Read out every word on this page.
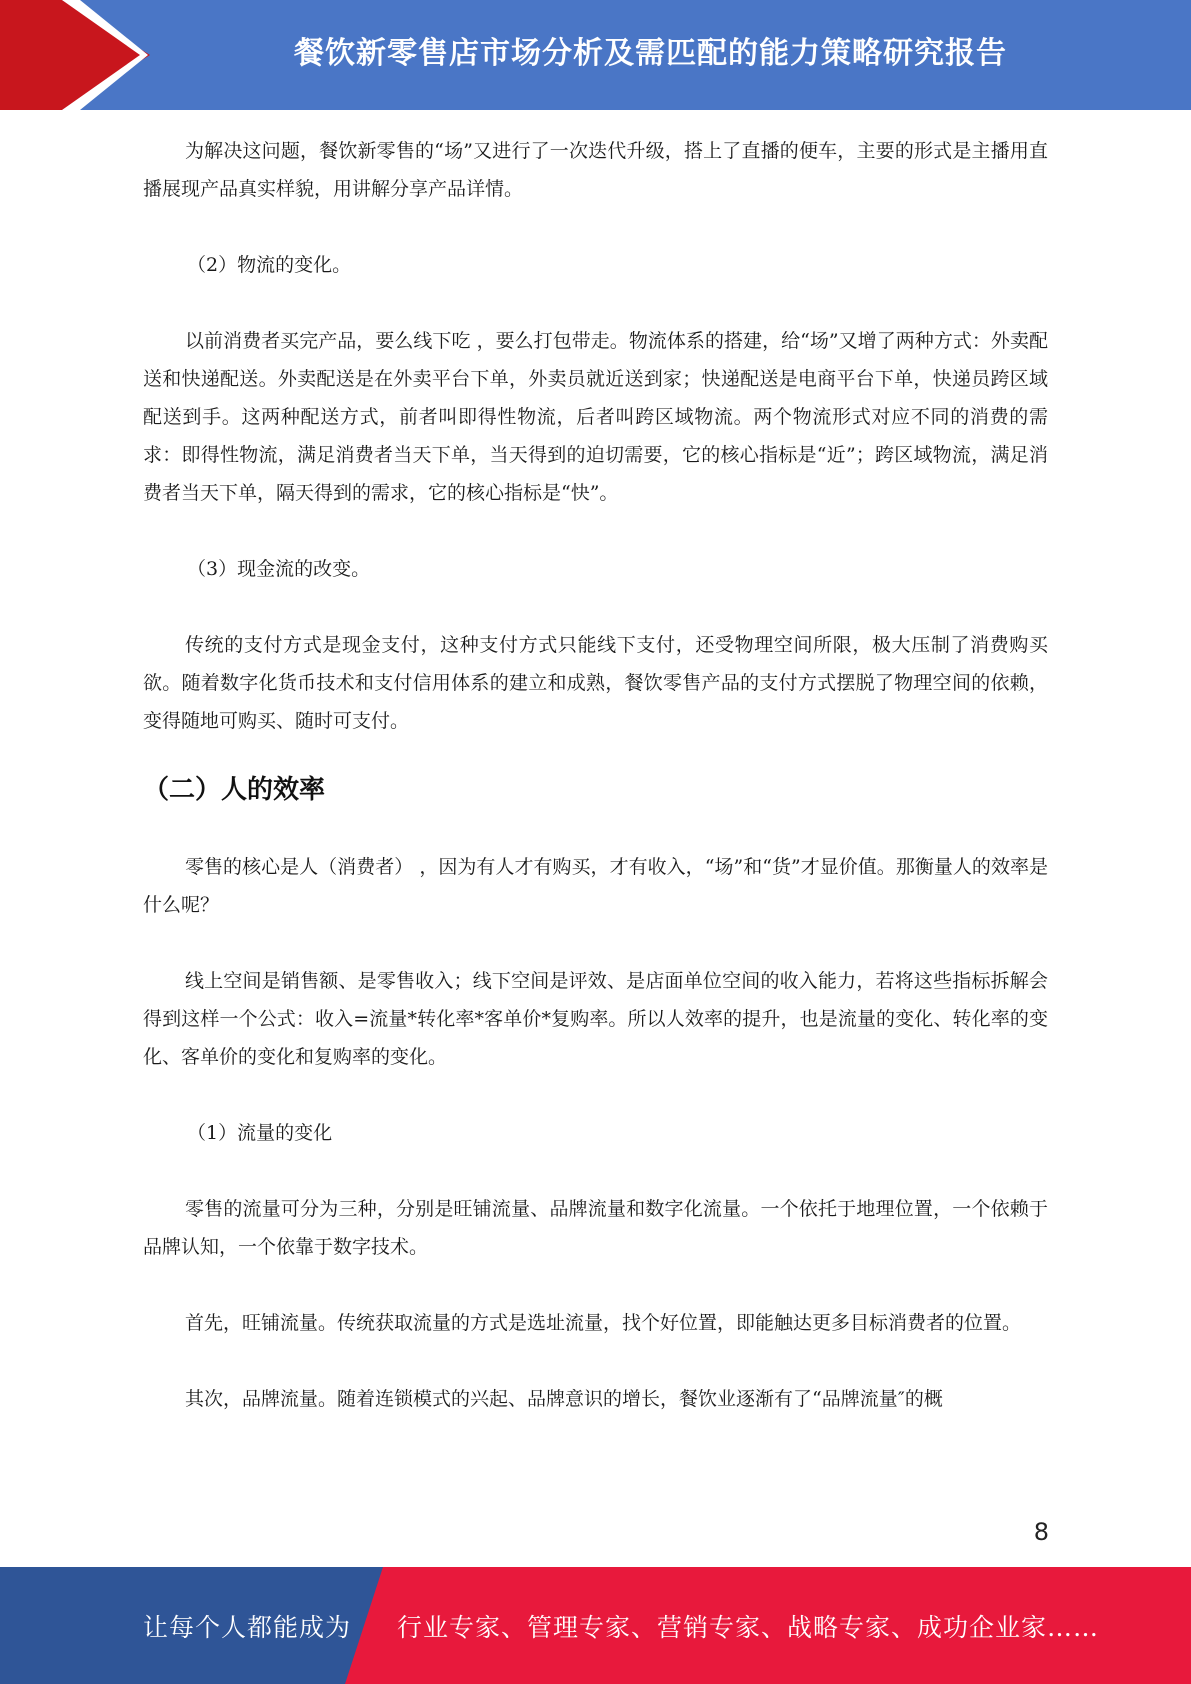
餐饮新零售店市场分析及需匹配的能力策略研究报告

为解决这问题，餐饮新零售的“场”又进行了一次迭代升级，搭上了直播的便车，主要的形式是主播用直播展现产品真实样貌，用讲解分享产品详情。

（2）物流的变化。

以前消费者买完产品，要么线下吃 ，要么打包带走。物流体系的搭建，给“场”又增了两种方式：外卖配送和快递配送。外卖配送是在外卖平台下单，外卖员就近送到家；快递配送是电商平台下单，快递员跨区域配送到手。这两种配送方式，前者叫即得性物流，后者叫跨区域物流。两个物流形式对应不同的消费的需求：即得性物流，满足消费者当天下单，当天得到的迫切需要，它的核心指标是“近”；跨区域物流，满足消费者当天下单，隔天得到的需求，它的核心指标是“快”。

（3）现金流的改变。

传统的支付方式是现金支付，这种支付方式只能线下支付，还受物理空间所限，极大压制了消费购买欲。随着数字化货币技术和支付信用体系的建立和成熟，餐饮零售产品的支付方式摆脱了物理空间的依赖，变得随地可购买、随时可支付。

（二）人的效率

零售的核心是人（消费者） ，因为有人才有购买，才有收入，“场”和“货”才显价值。那衡量人的效率是什么呢？

线上空间是销售额、是零售收入；线下空间是评效、是店面单位空间的收入能力，若将这些指标拆解会得到这样一个公式：收入=流量*转化率*客单价*复购率。所以人效率的提升，也是流量的变化、转化率的变化、客单价的变化和复购率的变化。

（1）流量的变化

零售的流量可分为三种，分别是旺铺流量、品牌流量和数字化流量。一个依托于地理位置，一个依赖于品牌认知，一个依靠于数字技术。

首先，旺铺流量。传统获取流量的方式是选址流量，找个好位置，即能触达更多目标消费者的位置。

其次，品牌流量。随着连锁模式的兴起、品牌意识的增长，餐饮业逐渐有了“品牌流量″的概

8
让每个人都能成为 行业专家、管理专家、营销专家、战略专家、成功企业家……
